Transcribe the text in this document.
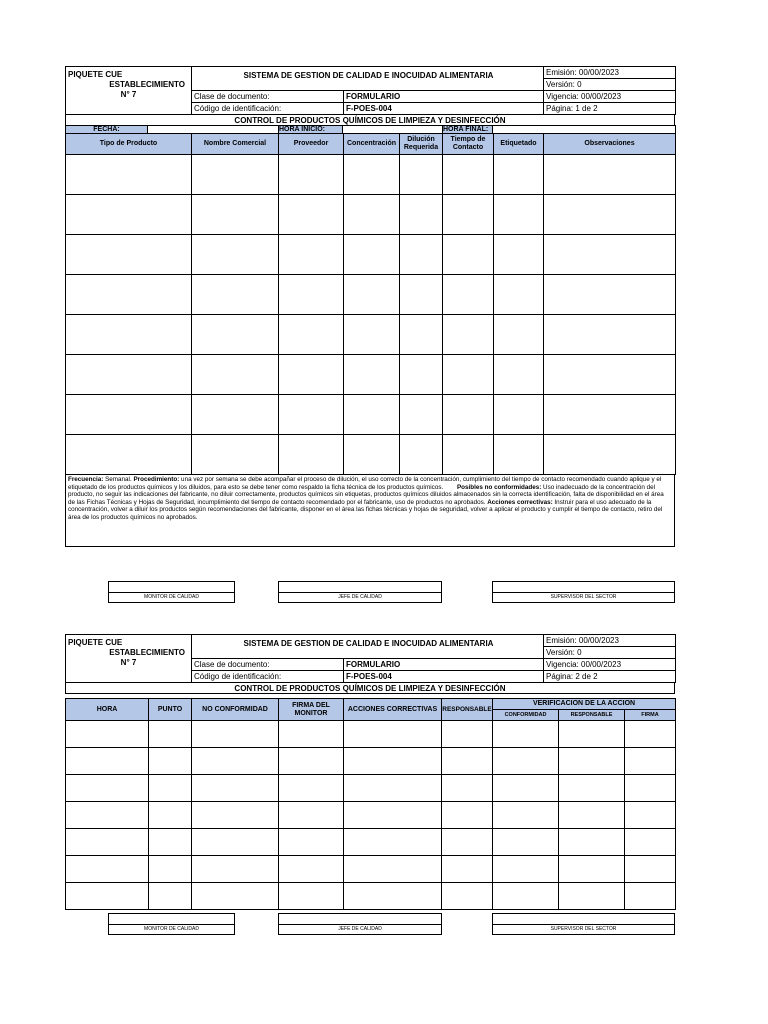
PIQUETE CUE
ESTABLECIMIENTO
N° 7	SISTEMA DE GESTION DE CALIDAD E INOCUIDAD ALIMENTARIA		Emisión: 00/00/2023
			Versión: 0
	Clase de documento:	FORMULARIO	Vigencia: 00/00/2023
	Código de identificación:	F-POES-004	Página: 1 de 2
CONTROL DE PRODUCTOS QUÍMICOS DE LIMPIEZA Y DESINFECCIÓN
FECHA:		HORA INICIO:		HORA FINAL:	
Tipo de Producto	Nombre Comercial	Proveedor	Concentración	Dilución Requerida	Tiempo de Contacto	Etiquetado	Observaciones

Frecuencia: Semanal. Procedimiento: una vez por semana se debe acompañar el proceso de dilución, el uso correcto de la concentración, cumplimiento del tiempo de contacto recomendado cuando aplique y el etiquetado de los productos químicos y los diluidos, para esto se debe tener como respaldo la ficha técnica de los productos químicos. Posibles no conformidades: Uso inadecuado de la concentración del producto, no seguir las indicaciones del fabricante, no diluir correctamente, productos químicos sin etiquetas, productos químicos diluidos almacenados sin la correcta identificación, falta de disponibilidad en el área de las Fichas Técnicas y Hojas de Seguridad, incumplimiento del tiempo de contacto recomendado por el fabricante, uso de productos no aprobados. Acciones correctivas: Instruir para el uso adecuado de la concentración, volver a diluir los productos según recomendaciones del fabricante, disponer en el área las fichas técnicas y hojas de seguridad, volver a aplicar el producto y cumplir el tiempo de contacto, retiro del área de los productos químicos no aprobados.
MONITOR DE CALIDAD	JEFE DE CALIDAD	SUPERVISOR DEL SECTOR
PIQUETE CUE
ESTABLECIMIENTO
N° 7	SISTEMA DE GESTION DE CALIDAD E INOCUIDAD ALIMENTARIA		Emisión: 00/00/2023
			Versión: 0
	Clase de documento:	FORMULARIO	Vigencia: 00/00/2023
	Código de identificación:	F-POES-004	Página: 2 de 2
CONTROL DE PRODUCTOS QUÍMICOS DE LIMPIEZA Y DESINFECCIÓN
HORA	PUNTO	NO CONFORMIDAD	FIRMA DEL MONITOR	ACCIONES CORRECTIVAS	RESPONSABLE	VERIFICACION DE LA ACCION		
						CONFORMIDAD	RESPONSABLE	FIRMA

MONITOR DE CALIDAD	JEFE DE CALIDAD	SUPERVISOR DEL SECTOR
